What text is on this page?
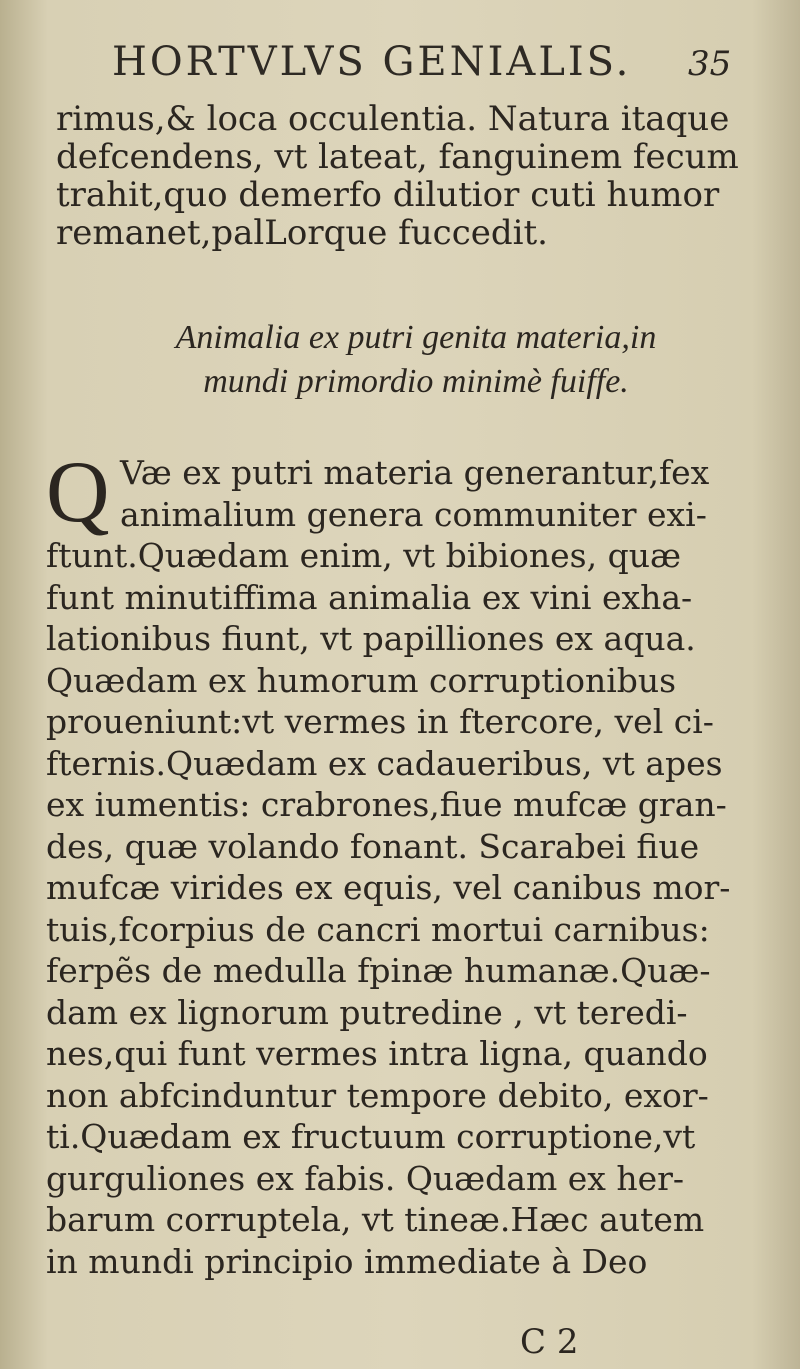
HORTVLVS GENIALIS.	35
rimus,& loca occulentia. Natura itaque
defcendens, vt lateat, fanguinem fecum
trahit,quo demerfo dilutior cuti humor
remanet,palLorque fuccedit.
Animalia ex putri genita materia,in
mundi primordio minimè fuiffe.
Q Væ ex putri materia generantur,fex
animalium genera communiter exi-
ftunt.Quædam enim, vt bibiones, quæ
funt minutiffima animalia ex vini exha-
lationibus fiunt, vt papilliones ex aqua.
Quædam ex humorum corruptionibus
proueniunt:vt vermes in ftercore, vel ci-
fternis.Quædam ex cadaueribus, vt apes
ex iumentis: crabrones,fiue mufcæ gran-
des, quæ volando fonant. Scarabei fiue
mufcæ virides ex equis, vel canibus mor-
tuis,fcorpius de cancri mortui carnibus:
ferpẽs de medulla fpinæ humanæ.Quæ-
dam ex lignorum putredine , vt teredi-
nes,qui funt vermes intra ligna, quando
non abfcinduntur tempore debito, exor-
ti.Quædam ex fructuum corruptione,vt
gurguliones ex fabis. Quædam ex her-
barum corruptela, vt tineæ.Hæc autem
in mundi principio immediate à Deo
C 2
